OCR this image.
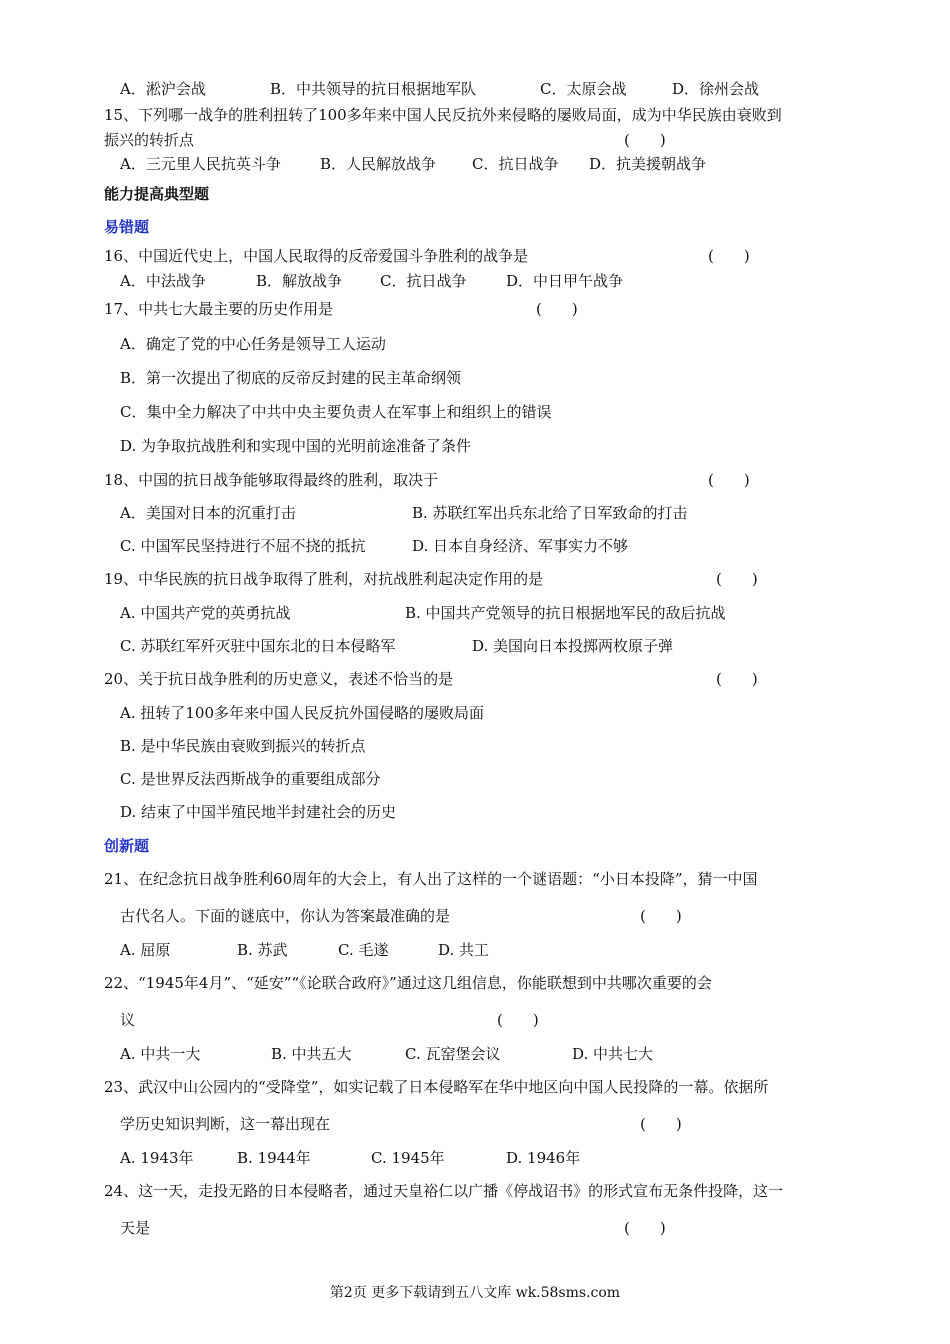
A．淞沪会战	B．中共领导的抗日根据地军队	C．太原会战	D．徐州会战
15、下列哪一战争的胜利扭转了100多年来中国人民反抗外来侵略的屡败局面，成为中华民族由衰败到
振兴的转折点	(　　)
A．三元里人民抗英斗争	B．人民解放战争 C．抗日战争 D．抗美援朝战争
能力提高典型题
易错题
16、中国近代史上，中国人民取得的反帝爱国斗争胜利的战争是	(　　)
A．中法战争	B．解放战争	C．抗日战争	D．中日甲午战争
17、中共七大最主要的历史作用是	(　　)
A．确定了党的中心任务是领导工人运动
B．第一次提出了彻底的反帝反封建的民主革命纲领
C．集中全力解决了中共中央主要负责人在军事上和组织上的错误
D. 为争取抗战胜利和实现中国的光明前途准备了条件
18、中国的抗日战争能够取得最终的胜利，取决于	(　　)
A．美国对日本的沉重打击	B. 苏联红军出兵东北给了日军致命的打击
C. 中国军民坚持进行不屈不挠的抵抗	D. 日本自身经济、军事实力不够
19、中华民族的抗日战争取得了胜利，对抗战胜利起决定作用的是	(　　)
A. 中国共产党的英勇抗战	B. 中国共产党领导的抗日根据地军民的敌后抗战
C. 苏联红军歼灭驻中国东北的日本侵略军	D. 美国向日本投掷两枚原子弹
20、关于抗日战争胜利的历史意义，表述不恰当的是	(　　)
A. 扭转了100多年来中国人民反抗外国侵略的屡败局面
B. 是中华民族由衰败到振兴的转折点
C. 是世界反法西斯战争的重要组成部分
D. 结束了中国半殖民地半封建社会的历史
创新题
21、在纪念抗日战争胜利60周年的大会上，有人出了这样的一个谜语题：“小日本投降”，猜一中国
古代名人。下面的谜底中，你认为答案最准确的是	(　　)
A. 屈原	B. 苏武	C. 毛遂	D. 共工
22、“1945年4月”、“延安”“《论联合政府》”通过这几组信息，你能联想到中共哪次重要的会
议	(　　)
A. 中共一大	B. 中共五大	C. 瓦窑堡会议	D. 中共七大
23、武汉中山公园内的“受降堂”，如实记载了日本侵略军在华中地区向中国人民投降的一幕。依据所
学历史知识判断，这一幕出现在	(　　)
A. 1943年	B. 1944年	C. 1945年	D. 1946年
24、这一天，走投无路的日本侵略者，通过天皇裕仁以广播《停战诏书》的形式宣布无条件投降，这一
天是	(　　)
第2页 更多下载请到五八文库 wk.58sms.com
